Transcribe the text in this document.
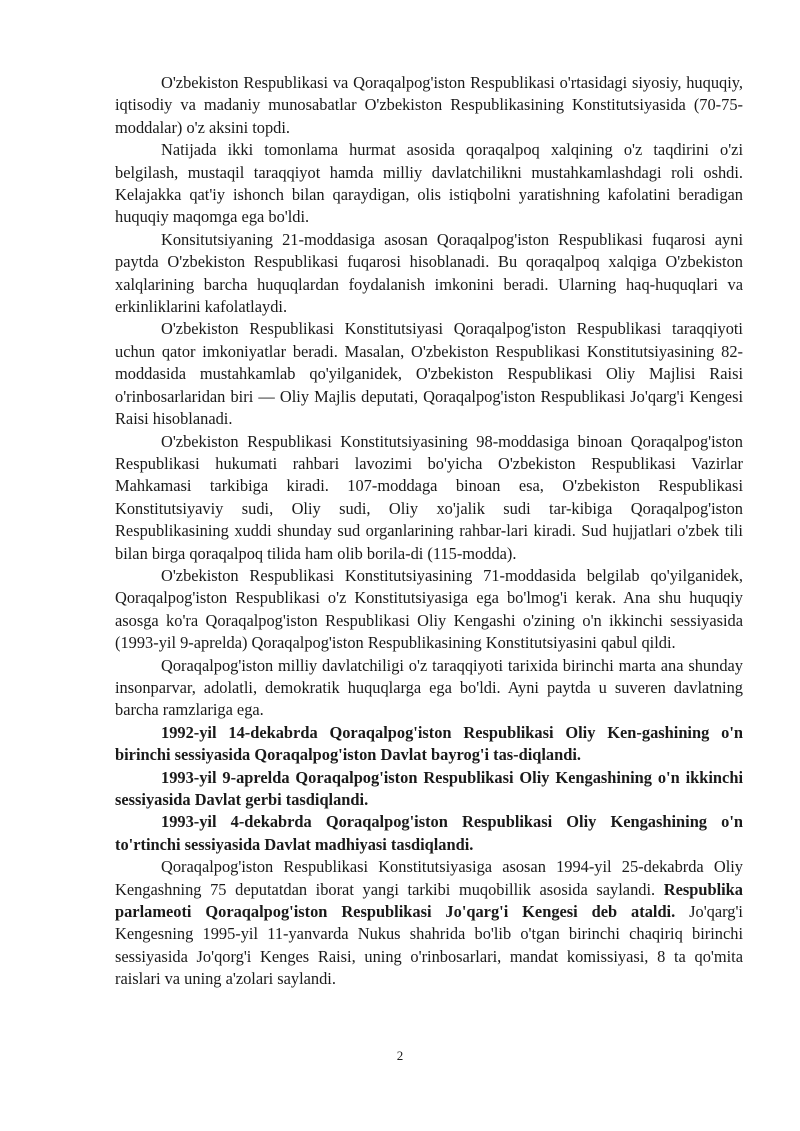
O'zbekiston Respublikasi va Qoraqalpog'iston Respublikasi o'rtasidagi siyosiy, huquqiy, iqtisodiy va madaniy munosabatlar O'zbekiston Respublikasining Konstitutsiyasida (70-75-moddalar) o'z aksini topdi.

Natijada ikki tomonlama hurmat asosida qoraqalpoq xalqining o'z taqdirini o'zi belgilash, mustaqil taraqqiyot hamda milliy davlatchilikni mustahkamlashdagi roli oshdi. Kelajakka qat'iy ishonch bilan qaraydigan, olis istiqbolni yaratishning kafolatini beradigan huquqiy maqomga ega bo'ldi.

Konsitutsiyaning 21-moddasiga asosan Qoraqalpog'iston Respublikasi fuqarosi ayni paytda O'zbekiston Respublikasi fuqarosi hisoblanadi. Bu qoraqalpoq xalqiga O'zbekiston xalqlarining barcha huquqlardan foydalanish imkonini beradi. Ularning haq-huquqlari va erkinliklarini kafolatlaydi.

O'zbekiston Respublikasi Konstitutsiyasi Qoraqalpog'iston Respublikasi taraqqiyoti uchun qator imkoniyatlar beradi. Masalan, O'zbekiston Respublikasi Konstitutsiyasining 82-moddasida mustahkamlab qo'yilganidek, O'zbekiston Respublikasi Oliy Majlisi Raisi o'rinbosarlaridan biri — Oliy Majlis deputati, Qoraqalpog'iston Respublikasi Jo'qarg'i Kengesi Raisi hisoblanadi.

O'zbekiston Respublikasi Konstitutsiyasining 98-moddasiga binoan Qoraqalpog'iston Respublikasi hukumati rahbari lavozimi bo'yicha O'zbekiston Respublikasi Vazirlar Mahkamasi tarkibiga kiradi. 107-moddaga binoan esa, O'zbekiston Respublikasi Konstitutsiyaviy sudi, Oliy sudi, Oliy xo'jalik sudi tar-kibiga Qoraqalpog'iston Respublikasining xuddi shunday sud organlarining rahbar-lari kiradi. Sud hujjatlari o'zbek tili bilan birga qoraqalpoq tilida ham olib borila-di (115-modda).

O'zbekiston Respublikasi Konstitutsiyasining 71-moddasida belgilab qo'yilganidek, Qoraqalpog'iston Respublikasi o'z Konstitutsiyasiga ega bo'lmog'i kerak. Ana shu huquqiy asosga ko'ra Qoraqalpog'iston Respublikasi Oliy Kengashi o'zining o'n ikkinchi sessiyasida (1993-yil 9-aprelda) Qoraqalpog'iston Respublikasining Konstitutsiyasini qabul qildi.

Qoraqalpog'iston milliy davlatchiligi o'z taraqqiyoti tarixida birinchi marta ana shunday insonparvar, adolatli, demokratik huquqlarga ega bo'ldi. Ayni paytda u suveren davlatning barcha ramzlariga ega.

1992-yil 14-dekabrda Qoraqalpog'iston Respublikasi Oliy Ken-gashining o'n birinchi sessiyasida Qoraqalpog'iston Davlat bayrog'i tas-diqlandi.

1993-yil 9-aprelda Qoraqalpog'iston Respublikasi Oliy Kengashining o'n ikkinchi sessiyasida Davlat gerbi tasdiqlandi.

1993-yil 4-dekabrda Qoraqalpog'iston Respublikasi Oliy Kengashining o'n to'rtinchi sessiyasida Davlat madhiyasi tasdiqlandi.

Qoraqalpog'iston Respublikasi Konstitutsiyasiga asosan 1994-yil 25-dekabrda Oliy Kengashning 75 deputatdan iborat yangi tarkibi muqobillik asosida saylandi. Respublika parlameoti Qoraqalpog'iston Respublikasi Jo'qarg'i Kengesi deb ataldi. Jo'qarg'i Kengesning 1995-yil 11-yanvarda Nukus shahrida bo'lib o'tgan birinchi chaqiriq birinchi sessiyasida Jo'qorg'i Kenges Raisi, uning o'rinbosarlari, mandat komissiyasi, 8 ta qo'mita raislari va uning a'zolari saylandi.

2
